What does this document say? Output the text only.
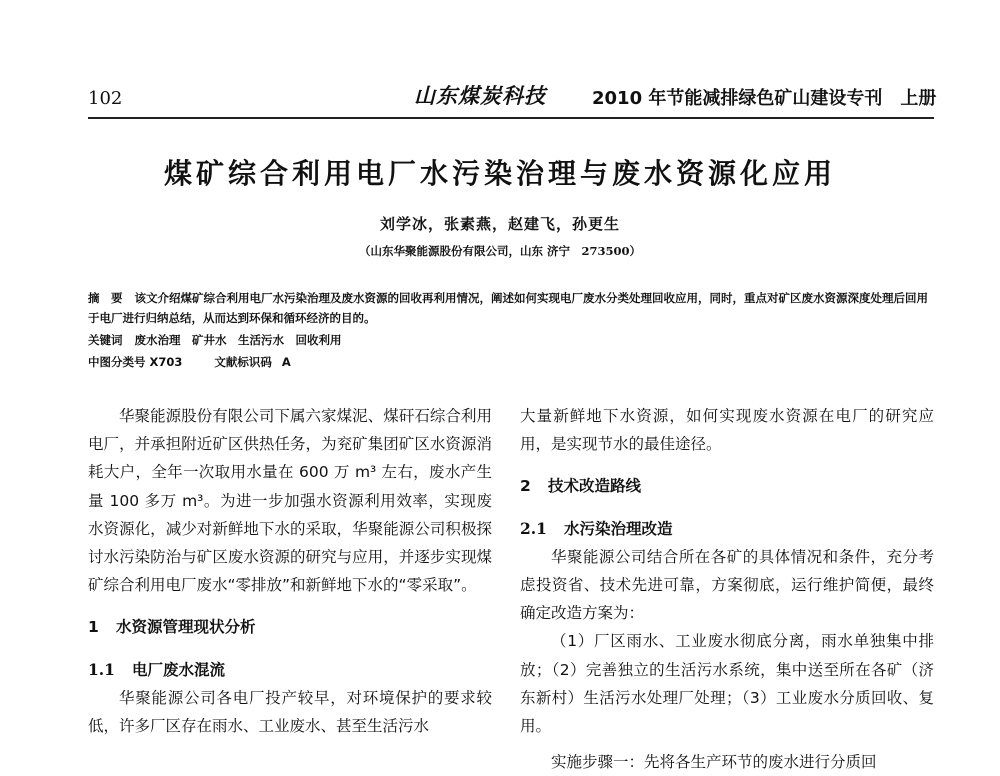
102	山东煤炭科技	2010 年节能减排绿色矿山建设专刊　上册
煤矿综合利用电厂水污染治理与废水资源化应用
刘学冰，张素燕，赵建飞，孙更生
（山东华聚能源股份有限公司，山东 济宁　273500）
摘　要 该文介绍煤矿综合利用电厂水污染治理及废水资源的回收再利用情况，阐述如何实现电厂废水分类处理回收应用，同时，重点对矿区废水资源深度处理后回用于电厂进行归纳总结，从而达到环保和循环经济的目的。
关键词 废水治理　矿井水　生活污水　回收利用
中图分类号 X703	文献标识码 A

华聚能源股份有限公司下属六家煤泥、煤矸石综合利用电厂，并承担附近矿区供热任务，为兖矿集团矿区水资源消耗大户，全年一次取用水量在 600 万 m³ 左右，废水产生量 100 多万 m³。为进一步加强水资源利用效率，实现废水资源化，减少对新鲜地下水的采取，华聚能源公司积极探讨水污染防治与矿区废水资源的研究与应用，并逐步实现煤矿综合利用电厂废水“零排放”和新鲜地下水的“零采取”。

1 水资源管理现状分析
1.1 电厂废水混流

华聚能源公司各电厂投产较早，对环境保护的要求较低，许多厂区存在雨水、工业废水、甚至生活污水

大量新鲜地下水资源，如何实现废水资源在电厂的研究应用，是实现节水的最佳途径。

2 技术改造路线
2.1 水污染治理改造

华聚能源公司结合所在各矿的具体情况和条件，充分考虑投资省、技术先进可靠，方案彻底，运行维护简便，最终确定改造方案为：

（1）厂区雨水、工业废水彻底分离，雨水单独集中排放；（2）完善独立的生活污水系统，集中送至所在各矿（济东新村）生活污水处理厂处理；（3）工业废水分质回收、复用。

实施步骤一：先将各生产环节的废水进行分质回
